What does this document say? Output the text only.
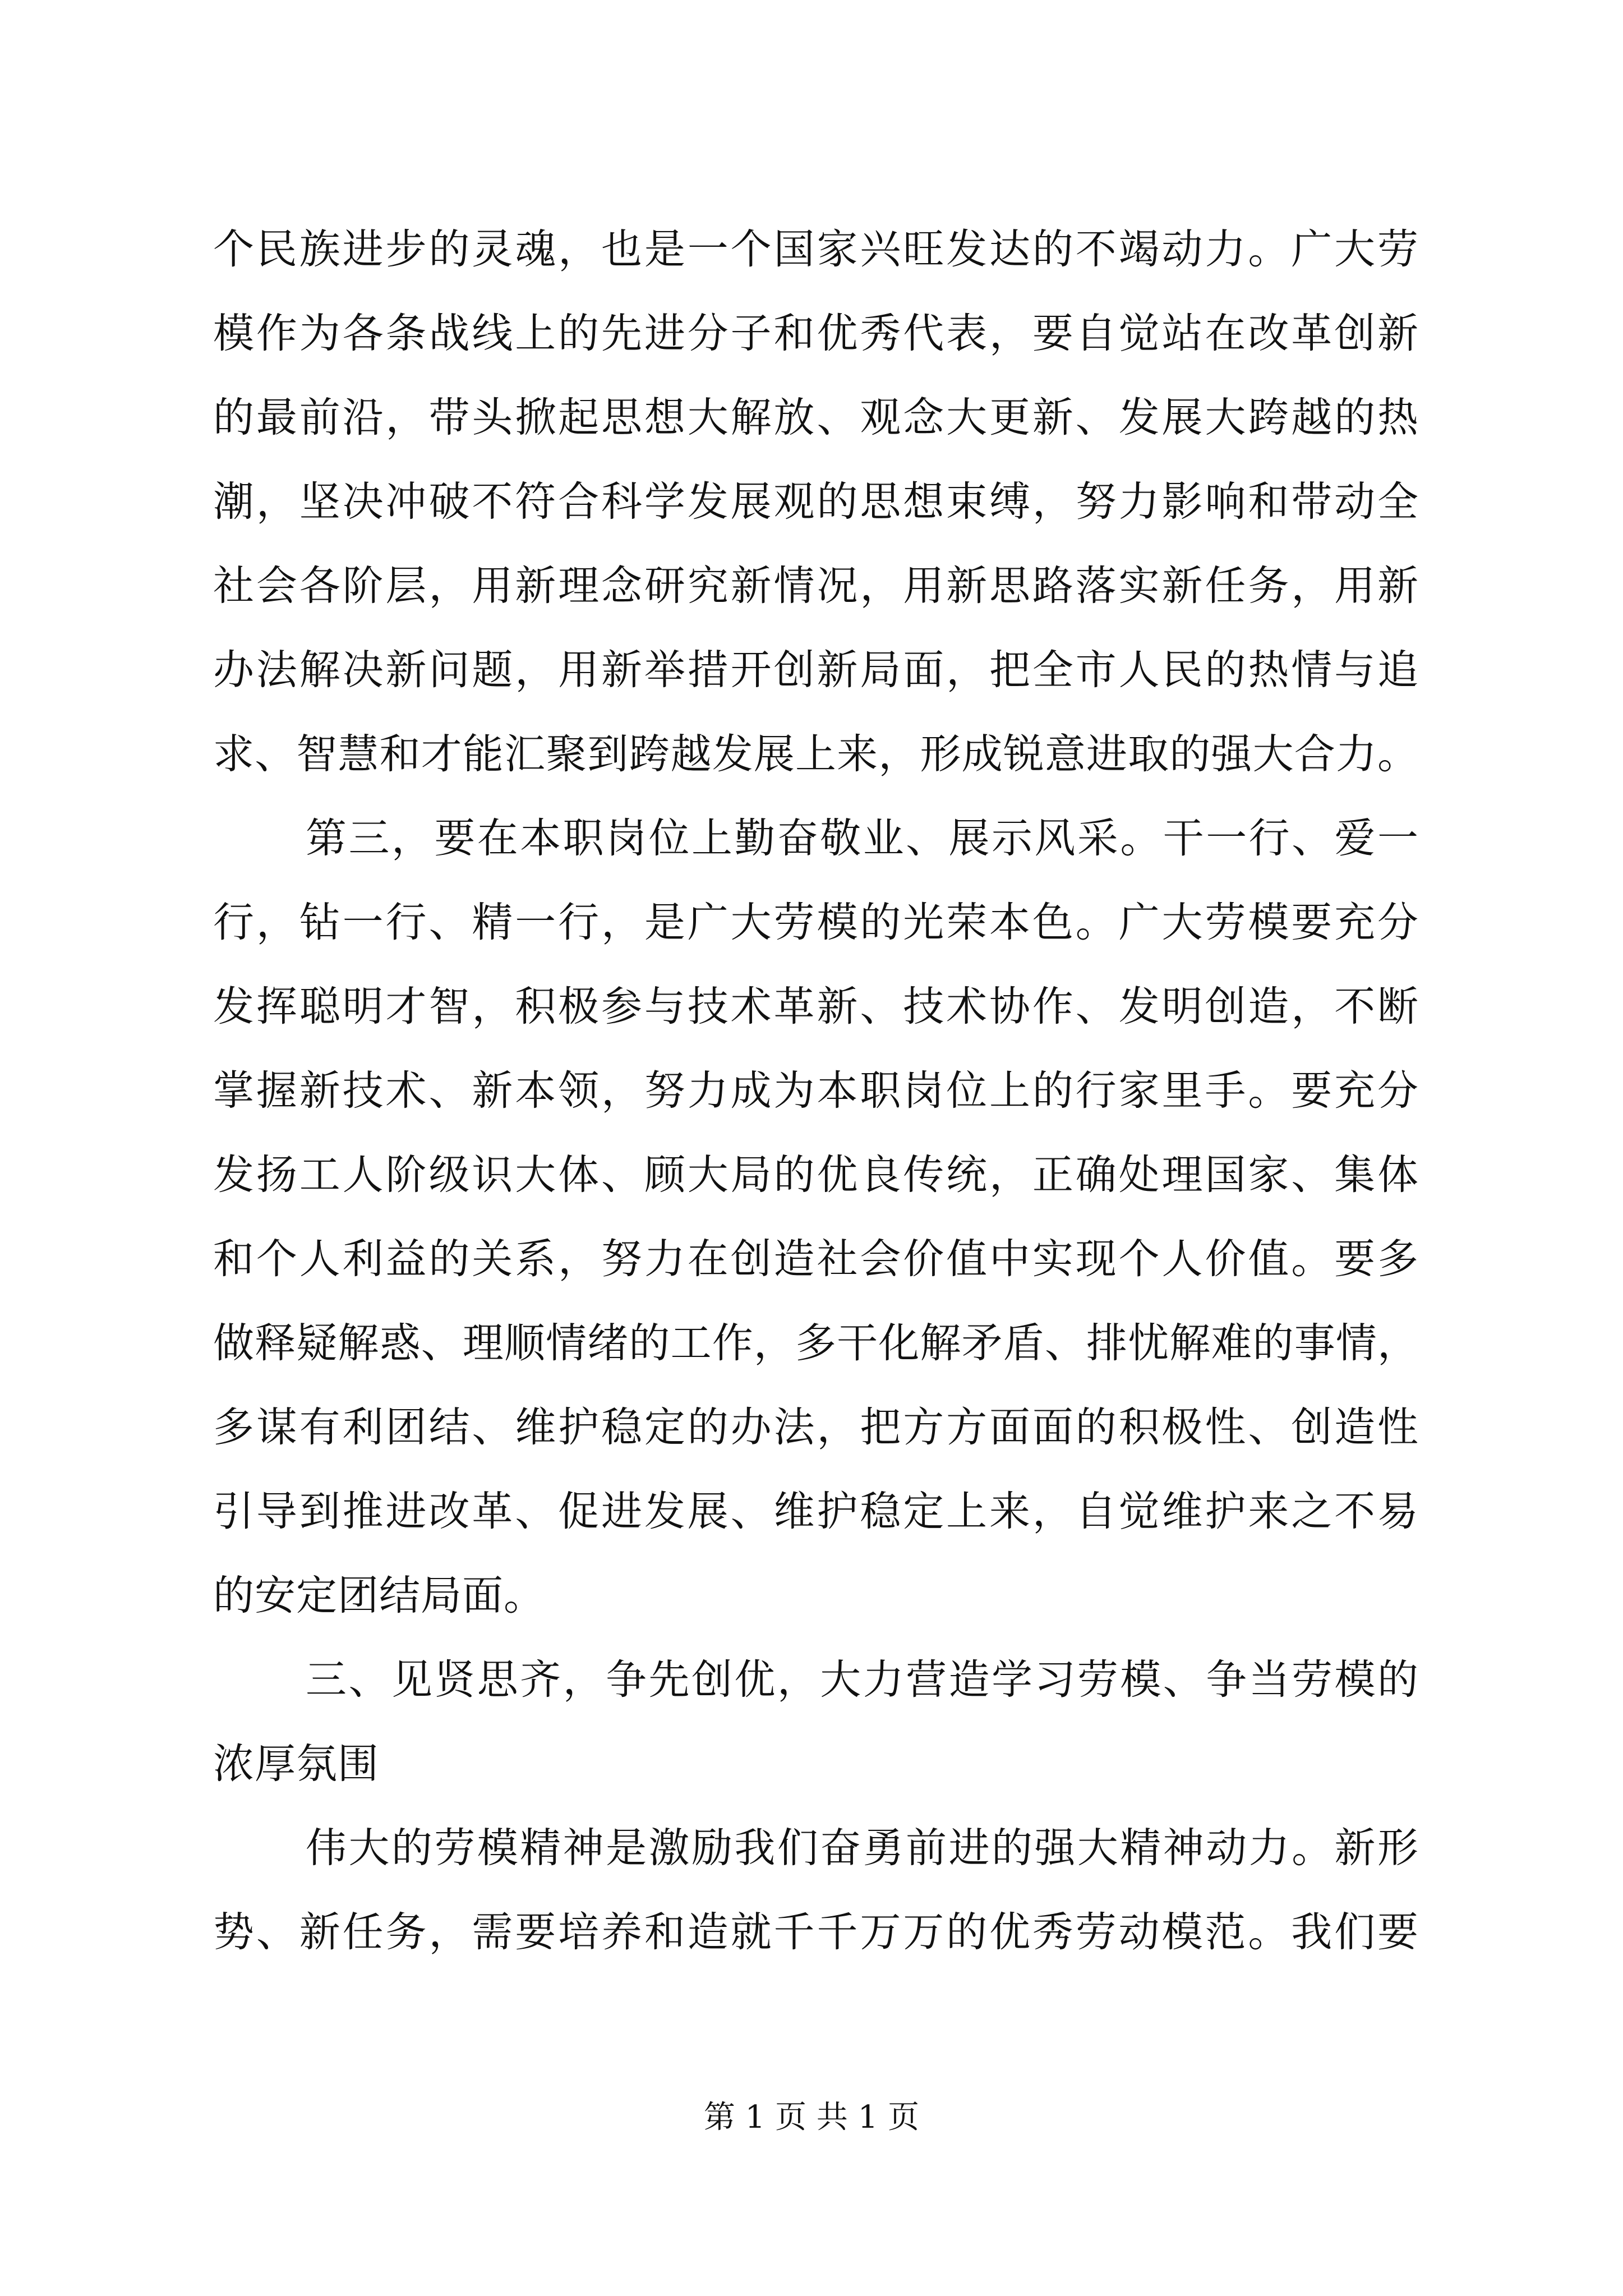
个民族进步的灵魂，也是一个国家兴旺发达的不竭动力。广大劳
模作为各条战线上的先进分子和优秀代表，要自觉站在改革创新
的最前沿，带头掀起思想大解放、观念大更新、发展大跨越的热
潮，坚决冲破不符合科学发展观的思想束缚，努力影响和带动全
社会各阶层，用新理念研究新情况，用新思路落实新任务，用新
办法解决新问题，用新举措开创新局面，把全市人民的热情与追
求、智慧和才能汇聚到跨越发展上来，形成锐意进取的强大合力。
第三，要在本职岗位上勤奋敬业、展示风采。干一行、爱一
行，钻一行、精一行，是广大劳模的光荣本色。广大劳模要充分
发挥聪明才智，积极参与技术革新、技术协作、发明创造，不断
掌握新技术、新本领，努力成为本职岗位上的行家里手。要充分
发扬工人阶级识大体、顾大局的优良传统，正确处理国家、集体
和个人利益的关系，努力在创造社会价值中实现个人价值。要多
做释疑解惑、理顺情绪的工作，多干化解矛盾、排忧解难的事情，
多谋有利团结、维护稳定的办法，把方方面面的积极性、创造性
引导到推进改革、促进发展、维护稳定上来，自觉维护来之不易
的安定团结局面。
三、见贤思齐，争先创优，大力营造学习劳模、争当劳模的
浓厚氛围
伟大的劳模精神是激励我们奋勇前进的强大精神动力。新形
势、新任务，需要培养和造就千千万万的优秀劳动模范。我们要
第 1 页 共 1 页
